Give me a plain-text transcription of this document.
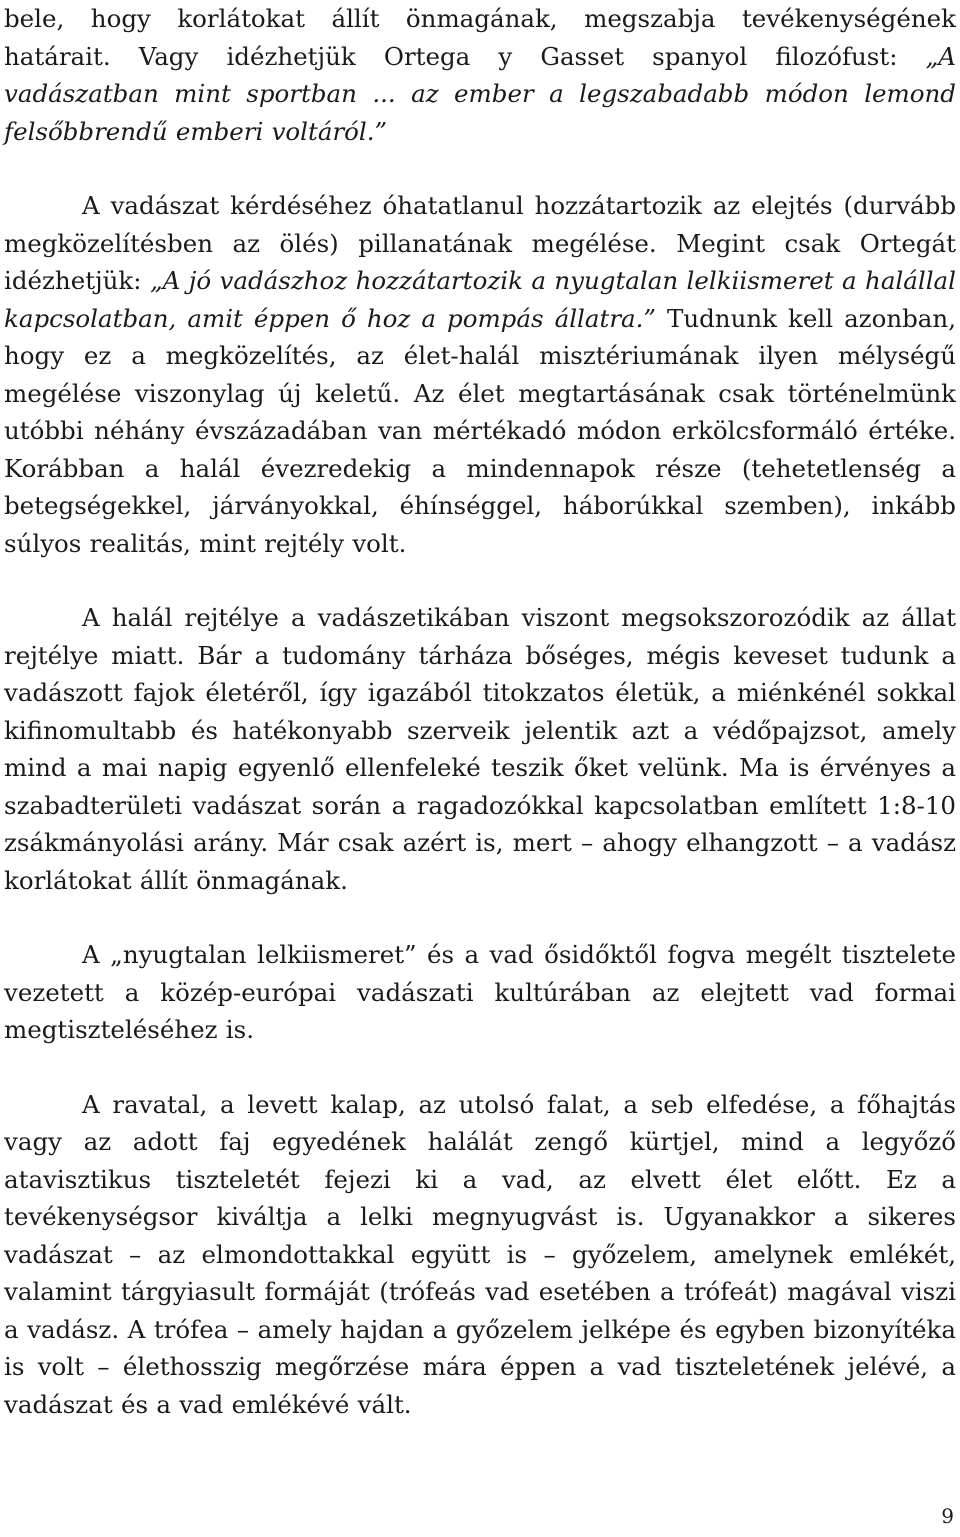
bele, hogy korlátokat állít önmagának, megszabja tevékenységének határait. Vagy idézhetjük Ortega y Gasset spanyol filozófust: „A vadászatban mint sportban ... az ember a legszabadabb módon lemond felsőbbrendű emberi voltáról.”

A vadászat kérdéséhez óhatatlanul hozzátartozik az elejtés (durvább megközelítésben az ölés) pillanatának megélése. Megint csak Ortegát idézhetjük: „A jó vadászhoz hozzátartozik a nyugtalan lelkiismeret a halállal kapcsolatban, amit éppen ő hoz a pompás állatra.” Tudnunk kell azonban, hogy ez a megközelítés, az élet-halál misztériumának ilyen mélységű megélése viszonylag új keletű. Az élet megtartásának csak történelmünk utóbbi néhány évszázadában van mértékadó módon erkölcsformáló értéke. Korábban a halál évezredekig a mindennapok része (tehetetlenség a betegségekkel, járványokkal, éhínséggel, háborúkkal szemben), inkább súlyos realitás, mint rejtély volt.

A halál rejtélye a vadászetikában viszont megsokszorozódik az állat rejtélye miatt. Bár a tudomány tárháza bőséges, mégis keveset tudunk a vadászott fajok életéről, így igazából titokzatos életük, a miénkénél sokkal kifinomultabb és hatékonyabb szerveik jelentik azt a védőpajzsot, amely mind a mai napig egyenlő ellenfeleké teszik őket velünk. Ma is érvényes a szabadterületi vadászat során a ragadozókkal kapcsolatban említett 1:8-10 zsákmányolási arány. Már csak azért is, mert – ahogy elhangzott – a vadász korlátokat állít önmagának.

A „nyugtalan lelkiismeret” és a vad ősidőktől fogva megélt tisztelete vezetett a közép-európai vadászati kultúrában az elejtett vad formai megtiszteléséhez is.

A ravatal, a levett kalap, az utolsó falat, a seb elfedése, a főhajtás vagy az adott faj egyedének halálát zengő kürtjel, mind a legyőző atavisztikus tiszteletét fejezi ki a vad, az elvett élet előtt. Ez a tevékenységsor kiváltja a lelki megnyugvást is. Ugyanakkor a sikeres vadászat – az elmondottakkal együtt is – győzelem, amelynek emlékét, valamint tárgyiasult formáját (trófeás vad esetében a trófeát) magával viszi a vadász. A trófea – amely hajdan a győzelem jelképe és egyben bizonyítéka is volt – élethosszig megőrzése mára éppen a vad tiszteletének jelévé, a vadászat és a vad emlékévé vált.

9
